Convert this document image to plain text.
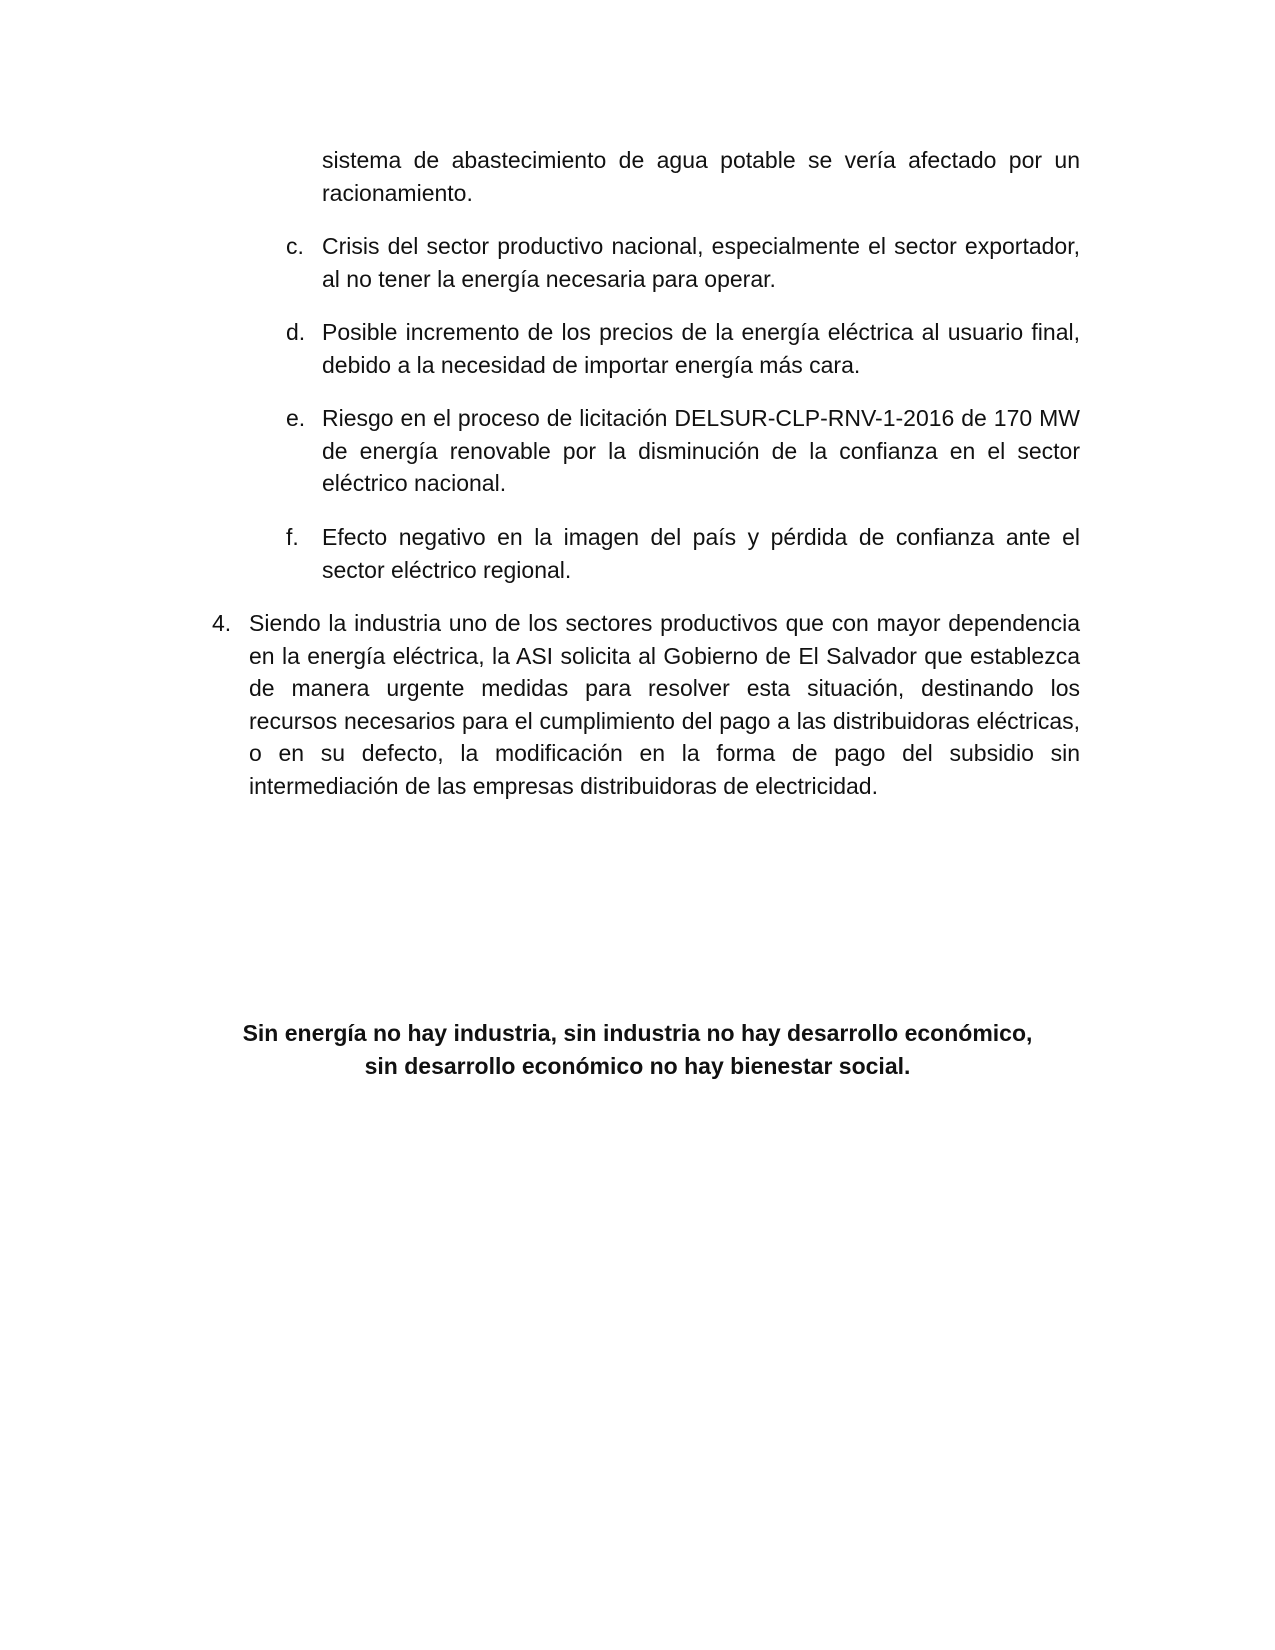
sistema de abastecimiento de agua potable se vería afectado por un racionamiento.

c. Crisis del sector productivo nacional, especialmente el sector exportador, al no tener la energía necesaria para operar.

d. Posible incremento de los precios de la energía eléctrica al usuario final, debido a la necesidad de importar energía más cara.

e. Riesgo en el proceso de licitación DELSUR-CLP-RNV-1-2016 de 170 MW de energía renovable por la disminución de la confianza en el sector eléctrico nacional.

f. Efecto negativo en la imagen del país y pérdida de confianza ante el sector eléctrico regional.

4. Siendo la industria uno de los sectores productivos que con mayor dependencia en la energía eléctrica, la ASI solicita al Gobierno de El Salvador que establezca de manera urgente medidas para resolver esta situación, destinando los recursos necesarios para el cumplimiento del pago a las distribuidoras eléctricas, o en su defecto, la modificación en la forma de pago del subsidio sin intermediación de las empresas distribuidoras de electricidad.

Sin energía no hay industria, sin industria no hay desarrollo económico,
sin desarrollo económico no hay bienestar social.
